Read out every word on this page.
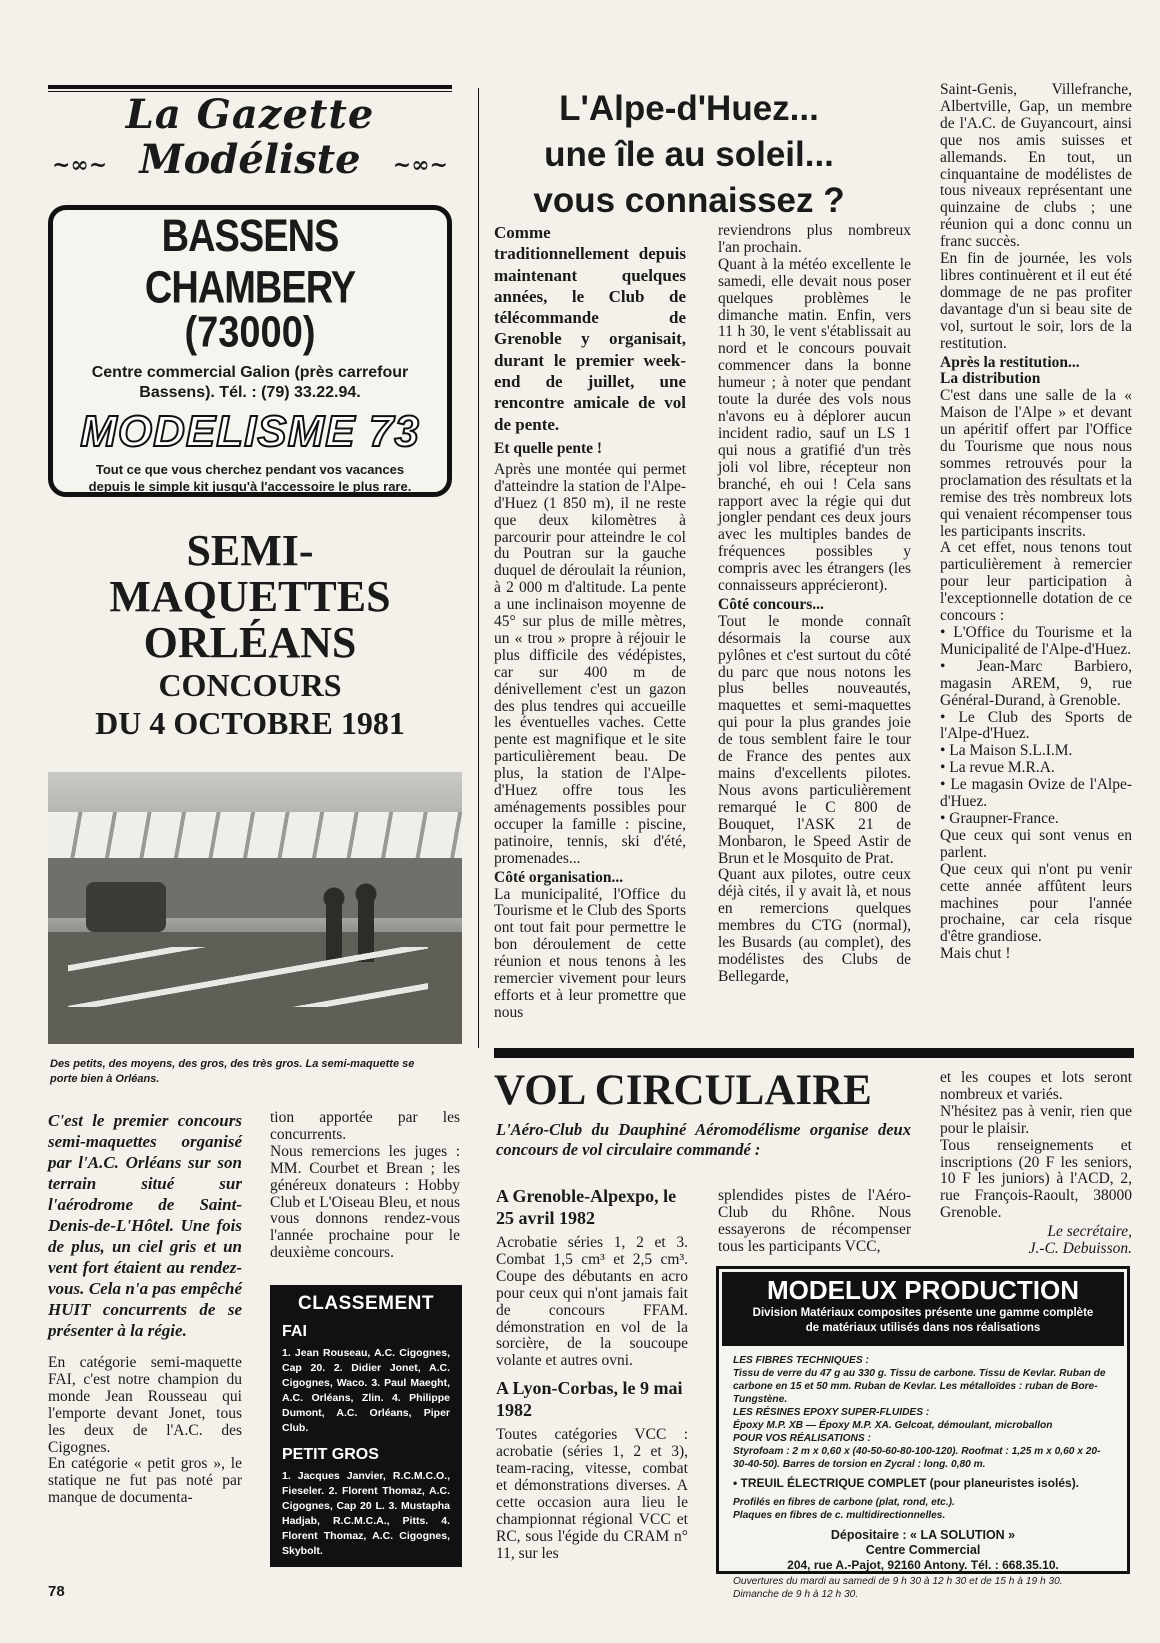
La Gazette
~∞~ Modéliste ~∞~
BASSENS CHAMBERY
(73000)
Centre commercial Galion (près carrefour Bassens). Tél. : (79) 33.22.94.
MODELISME 73
Tout ce que vous cherchez pendant vos vacances depuis le simple kit jusqu'à l'accessoire le plus rare.
SEMI-
MAQUETTES
ORLÉANS
CONCOURS
DU 4 OCTOBRE 1981
Des petits, des moyens, des gros, des très gros. La semi-maquette se porte bien à Orléans.

C'est le premier concours semi-maquettes organisé par l'A.C. Orléans sur son terrain situé sur l'aérodrome de Saint-Denis-de-L'Hôtel. Une fois de plus, un ciel gris et un vent fort étaient au rendez-vous. Cela n'a pas empêché HUIT concurrents de se présenter à la régie.

En catégorie semi-maquette FAI, c'est notre champion du monde Jean Rousseau qui l'emporte devant Jonet, tous les deux de l'A.C. des Cigognes.

En catégorie « petit gros », le statique ne fut pas noté par manque de documenta-

tion apportée par les concurrents.

Nous remercions les juges : MM. Courbet et Brean ; les généreux donateurs : Hobby Club et L'Oiseau Bleu, et nous vous donnons rendez-vous l'année prochaine pour le deuxième concours.

CLASSEMENT
FAI
1. Jean Rouseau, A.C. Cigognes, Cap 20. 2. Didier Jonet, A.C. Cigognes, Waco. 3. Paul Maeght, A.C. Orléans, Zlin. 4. Philippe Dumont, A.C. Orléans, Piper Club.
PETIT GROS
1. Jacques Janvier, R.C.M.C.O., Fieseler. 2. Florent Thomaz, A.C. Cigognes, Cap 20 L. 3. Mustapha Hadjab, R.C.M.C.A., Pitts. 4. Florent Thomaz, A.C. Cigognes, Skybolt.
78
L'Alpe-d'Huez...
une île au soleil...
vous connaissez ?

Comme traditionnellement depuis maintenant quelques années, le Club de télécommande de Grenoble y organisait, durant le premier week-end de juillet, une rencontre amicale de vol de pente.

Et quelle pente !

Après une montée qui permet d'atteindre la station de l'Alpe-d'Huez (1 850 m), il ne reste que deux kilomètres à parcourir pour atteindre le col du Poutran sur la gauche duquel de déroulait la réunion, à 2 000 m d'altitude. La pente a une inclinaison moyenne de 45° sur plus de mille mètres, un « trou » propre à réjouir le plus difficile des védépistes, car sur 400 m de dénivellement c'est un gazon des plus tendres qui accueille les éventuelles vaches. Cette pente est magnifique et le site particulièrement beau. De plus, la station de l'Alpe-d'Huez offre tous les aménagements possibles pour occuper la famille : piscine, patinoire, tennis, ski d'été, promenades...

Côté organisation...

La municipalité, l'Office du Tourisme et le Club des Sports ont tout fait pour permettre le bon déroulement de cette réunion et nous tenons à les remercier vivement pour leurs efforts et à leur promettre que nous

reviendrons plus nombreux l'an prochain.

Quant à la météo excellente le samedi, elle devait nous poser quelques problèmes le dimanche matin. Enfin, vers 11 h 30, le vent s'établissait au nord et le concours pouvait commencer dans la bonne humeur ; à noter que pendant toute la durée des vols nous n'avons eu à déplorer aucun incident radio, sauf un LS 1 qui nous a gratifié d'un très joli vol libre, récepteur non branché, eh oui ! Cela sans rapport avec la régie qui dut jongler pendant ces deux jours avec les multiples bandes de fréquences possibles y compris avec les étrangers (les connaisseurs apprécieront).

Côté concours...

Tout le monde connaît désormais la course aux pylônes et c'est surtout du côté du parc que nous notons les plus belles nouveautés, maquettes et semi-maquettes qui pour la plus grandes joie de tous semblent faire le tour de France des pentes aux mains d'excellents pilotes. Nous avons particulièrement remarqué le C 800 de Bouquet, l'ASK 21 de Monbaron, le Speed Astir de Brun et le Mosquito de Prat.

Quant aux pilotes, outre ceux déjà cités, il y avait là, et nous en remercions quelques membres du CTG (normal), les Busards (au complet), des modélistes des Clubs de Bellegarde,

Saint-Genis, Villefranche, Albertville, Gap, un membre de l'A.C. de Guyancourt, ainsi que nos amis suisses et allemands. En tout, un cinquantaine de modélistes de tous niveaux représentant une quinzaine de clubs ; une réunion qui a donc connu un franc succès.

En fin de journée, les vols libres continuèrent et il eut été dommage de ne pas profiter davantage d'un si beau site de vol, surtout le soir, lors de la restitution.

Après la restitution...

La distribution

C'est dans une salle de la « Maison de l'Alpe » et devant un apéritif offert par l'Office du Tourisme que nous nous sommes retrouvés pour la proclamation des résultats et la remise des très nombreux lots qui venaient récompenser tous les participants inscrits.

A cet effet, nous tenons tout particulièrement à remercier pour leur participation à l'exceptionnelle dotation de ce concours :

• L'Office du Tourisme et la Municipalité de l'Alpe-d'Huez.
• Jean-Marc Barbiero, magasin AREM, 9, rue Général-Durand, à Grenoble.
• Le Club des Sports de l'Alpe-d'Huez.
• La Maison S.L.I.M.
• La revue M.R.A.
• Le magasin Ovize de l'Alpe-d'Huez.
• Graupner-France.

Que ceux qui sont venus en parlent.

Que ceux qui n'ont pu venir cette année affûtent leurs machines pour l'année prochaine, car cela risque d'être grandiose.

Mais chut !

VOL CIRCULAIRE
L'Aéro-Club du Dauphiné Aéromodélisme organise deux concours de vol circulaire commandé :

A Grenoble-Alpexpo, le 25 avril 1982

Acrobatie séries 1, 2 et 3. Combat 1,5 cm³ et 2,5 cm³. Coupe des débutants en acro pour ceux qui n'ont jamais fait de concours FFAM. démonstration en vol de la sorcière, de la soucoupe volante et autres ovni.

A Lyon-Corbas, le 9 mai 1982

Toutes catégories VCC : acrobatie (séries 1, 2 et 3), team-racing, vitesse, combat et démonstrations diverses. A cette occasion aura lieu le championnat régional VCC et RC, sous l'égide du CRAM n° 11, sur les

splendides pistes de l'Aéro-Club du Rhône. Nous essayerons de récompenser tous les participants VCC,

et les coupes et lots seront nombreux et variés.

N'hésitez pas à venir, rien que pour le plaisir.

Tous renseignements et inscriptions (20 F les seniors, 10 F les juniors) à l'ACD, 2, rue François-Raoult, 38000 Grenoble.

Le secrétaire,

J.-C. Debuisson.

MODELUX PRODUCTION
Division Matériaux composites présente une gamme complète de matériaux utilisés dans nos réalisations
LES FIBRES TECHNIQUES :
Tissu de verre du 47 g au 330 g. Tissu de carbone. Tissu de Kevlar. Ruban de carbone en 15 et 50 mm. Ruban de Kevlar. Les métalloïdes : ruban de Bore-Tungstène.
LES RÉSINES EPOXY SUPER-FLUIDES :
Époxy M.P. XB — Époxy M.P. XA. Gelcoat, démoulant, microballon
POUR VOS RÉALISATIONS :
Styrofoam : 2 m x 0,60 x (40-50-60-80-100-120). Roofmat : 1,25 m x 0,60 x 20-30-40-50). Barres de torsion en Zycral : long. 0,80 m.
• TREUIL ÉLECTRIQUE COMPLET (pour planeuristes isolés).
Profilés en fibres de carbone (plat, rond, etc.).
Plaques en fibres de c. multidirectionnelles.
Dépositaire : « LA SOLUTION »
Centre Commercial
204, rue A.-Pajot, 92160 Antony. Tél. : 668.35.10.
Ouvertures du mardi au samedi de 9 h 30 à 12 h 30 et de 15 h à 19 h 30.
Dimanche de 9 h à 12 h 30.
